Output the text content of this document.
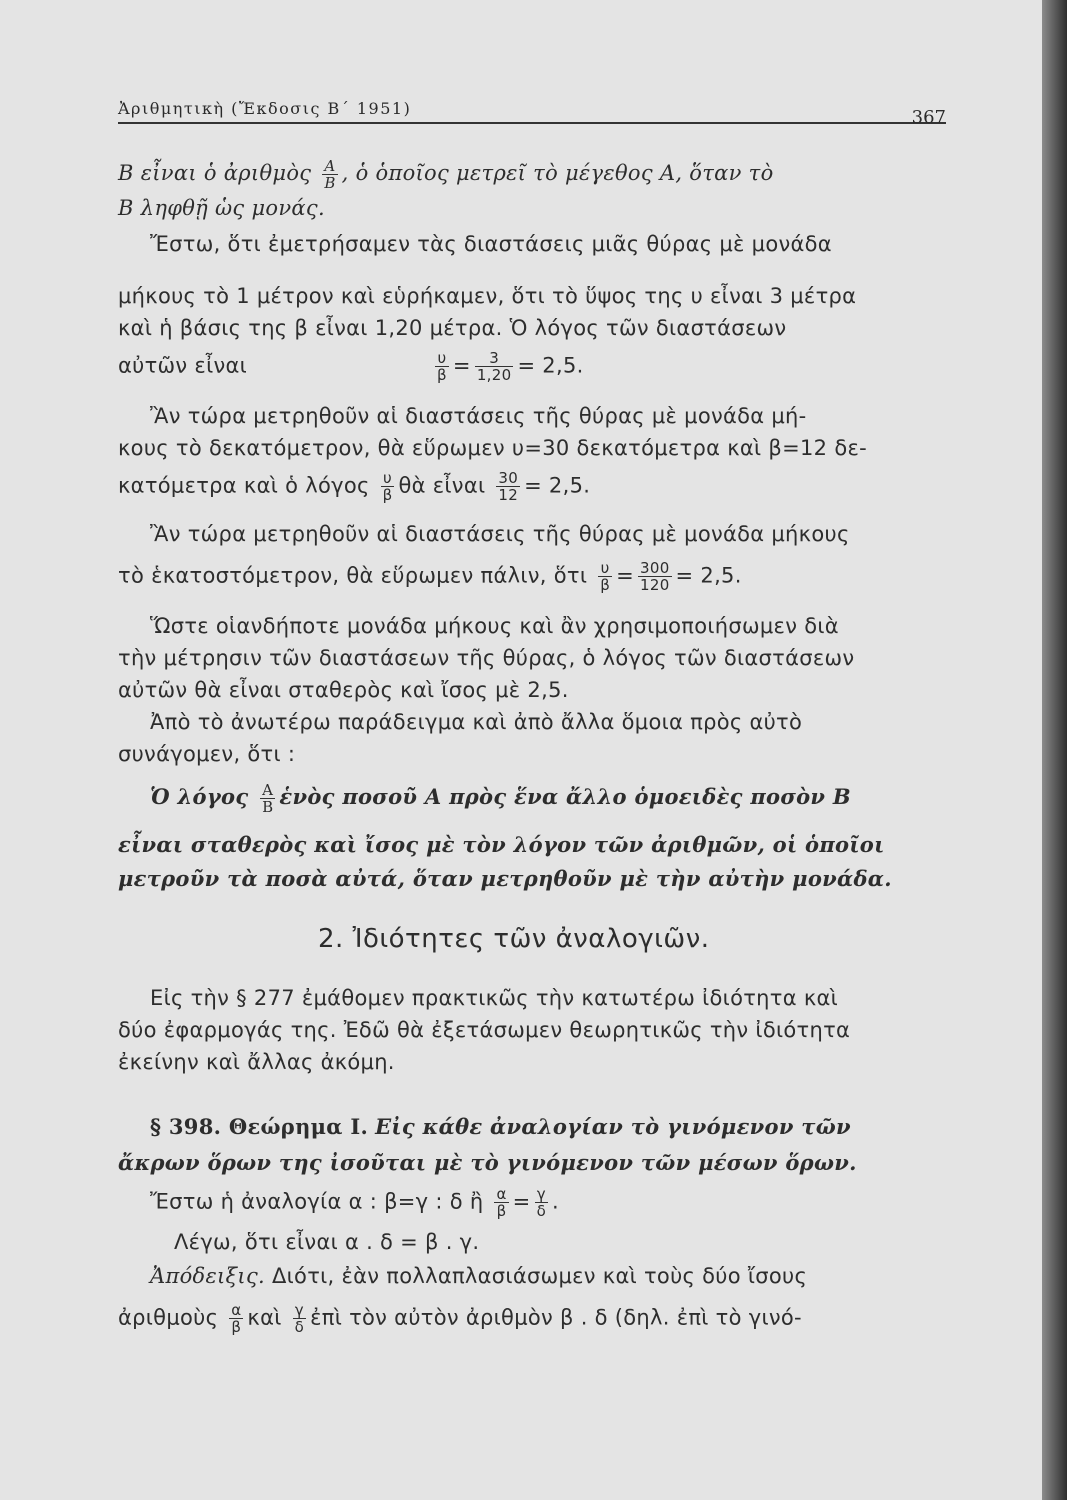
Ἀριθμητικὴ (Ἔκδοσις Β΄ 1951)	367
Β εἶναι ὁ ἀριθμὸς $\frac{A}{B}$ , ὁ ὁποῖος μετρεῖ τὸ μέγεθος Α, ὅταν τὸ
Β ληφθῇ ὡς μονάς.
Ἔστω, ὅτι ἐμετρήσαμεν τὰς διαστάσεις μιᾶς θύρας μὲ μονάδα
μήκους τὸ 1 μέτρον καὶ εὑρήκαμεν, ὅτι τὸ ὕψος της υ εἶναι 3 μέτρα
καὶ ἡ βάσις της β εἶναι 1,20 μέτρα. Ὁ λόγος τῶν διαστάσεων
αὐτῶν εἶναι	$\frac{\upsilon}{\beta} = \frac{3}{1,20} = 2,5$.
Ἂν τώρα μετρηθοῦν αἱ διαστάσεις τῆς θύρας μὲ μονάδα μή-
κους τὸ δεκατόμετρον, θὰ εὕρωμεν υ=30 δεκατόμετρα καὶ β=12 δε-
κατόμετρα καὶ ὁ λόγος $\frac{\upsilon}{\beta}$ θὰ εἶναι $\frac{30}{12} = 2,5$.
Ἂν τώρα μετρηθοῦν αἱ διαστάσεις τῆς θύρας μὲ μονάδα μήκους
τὸ ἑκατοστόμετρον, θὰ εὕρωμεν πάλιν, ὅτι $\frac{\upsilon}{\beta} = \frac{300}{120} = 2,5$.
Ὥστε οἱανδήποτε μονάδα μήκους καὶ ἂν χρησιμοποιήσωμεν διὰ
τὴν μέτρησιν τῶν διαστάσεων τῆς θύρας, ὁ λόγος τῶν διαστάσεων
αὐτῶν θὰ εἶναι σταθερὸς καὶ ἴσος μὲ 2,5.
Ἀπὸ τὸ ἀνωτέρω παράδειγμα καὶ ἀπὸ ἄλλα ὅμοια πρὸς αὐτὸ
συνάγομεν, ὅτι :
Ὁ λόγος $\frac{A}{B}$ ἑνὸς ποσοῦ Α πρὸς ἕνα ἄλλο ὁμοειδὲς ποσὸν Β
εἶναι σταθερὸς καὶ ἴσος μὲ τὸν λόγον τῶν ἀριθμῶν, οἱ ὁποῖοι
μετροῦν τὰ ποσὰ αὐτά, ὅταν μετρηθοῦν μὲ τὴν αὐτὴν μονάδα.
2. Ἰδιότητες τῶν ἀναλογιῶν.
Εἰς τὴν § 277 ἐμάθομεν πρακτικῶς τὴν κατωτέρω ἰδιότητα καὶ
δύο ἐφαρμογάς της. Ἐδῶ θὰ ἐξετάσωμεν θεωρητικῶς τὴν ἰδιότητα
ἐκείνην καὶ ἄλλας ἀκόμη.
§ 398. Θεώρημα I. Εἰς κάθε ἀναλογίαν τὸ γινόμενον τῶν
ἄκρων ὅρων της ἰσοῦται μὲ τὸ γινόμενον τῶν μέσων ὅρων.
Ἔστω ἡ ἀναλογία α : β=γ : δ ἢ $\frac{\alpha}{\beta} = \frac{\gamma}{\delta}$ .
Λέγω, ὅτι εἶναι α . δ = β . γ.
Ἀπόδειξις. Διότι, ἐὰν πολλαπλασιάσωμεν καὶ τοὺς δύο ἴσους
ἀριθμοὺς $\frac{\alpha}{\beta}$ καὶ $\frac{\gamma}{\delta}$ ἐπὶ τὸν αὐτὸν ἀριθμὸν β . δ (δηλ. ἐπὶ τὸ γινό-
